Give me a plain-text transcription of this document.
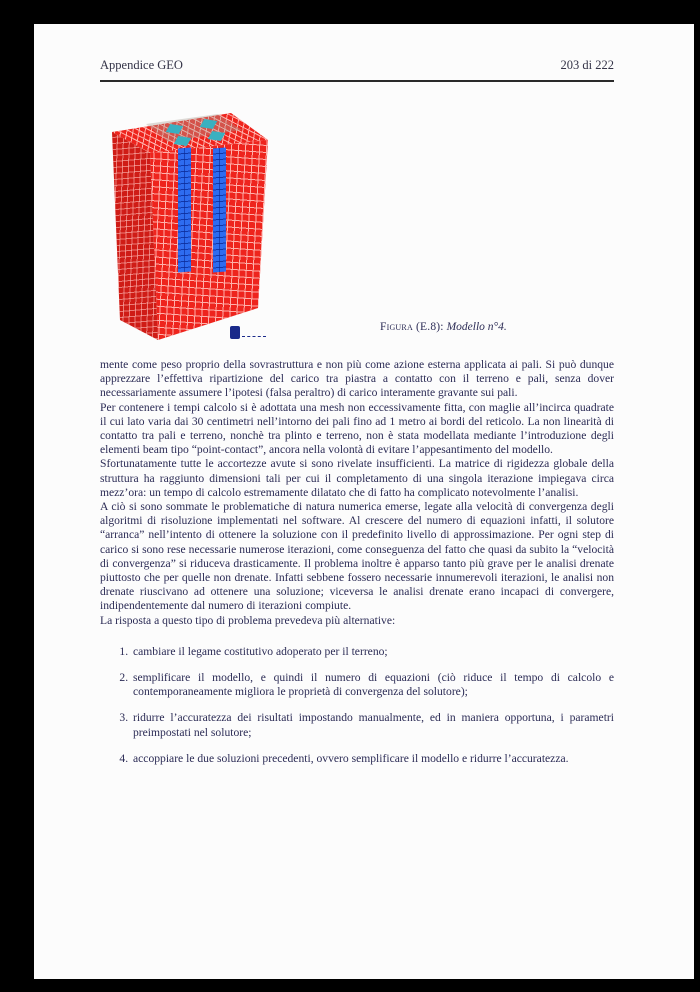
203 di 222
Appendice GEO
Figura (E.8): Modello n°4.

mente come peso proprio della sovrastruttura e non più come azione esterna applicata ai pali. Si può dunque apprezzare l’effettiva ripartizione del carico tra piastra a contatto con il terreno e pali, senza dover necessariamente assumere l’ipotesi (falsa peraltro) di carico interamente gravante sui pali.

Per contenere i tempi calcolo si è adottata una mesh non eccessivamente fitta, con maglie all’incirca quadrate il cui lato varia dai 30 centimetri nell’intorno dei pali fino ad 1 metro ai bordi del reticolo. La non linearità di contatto tra pali e terreno, nonchè tra plinto e terreno, non è stata modellata mediante l’introduzione degli elementi beam tipo “point-contact”, ancora nella volontà di evitare l’appesantimento del modello.

Sfortunatamente tutte le accortezze avute si sono rivelate insufficienti. La matrice di rigidezza globale della struttura ha raggiunto dimensioni tali per cui il completamento di una singola iterazione impiegava circa mezz’ora: un tempo di calcolo estremamente dilatato che di fatto ha complicato notevolmente l’analisi.

A ciò si sono sommate le problematiche di natura numerica emerse, legate alla velocità di convergenza degli algoritmi di risoluzione implementati nel software. Al crescere del numero di equazioni infatti, il solutore “arranca” nell’intento di ottenere la soluzione con il predefinito livello di approssimazione. Per ogni step di carico si sono rese necessarie numerose iterazioni, come conseguenza del fatto che quasi da subito la “velocità di convergenza” si riduceva drasticamente. Il problema inoltre è apparso tanto più grave per le analisi drenate piuttosto che per quelle non drenate. Infatti sebbene fossero necessarie innumerevoli iterazioni, le analisi non drenate riuscivano ad ottenere una soluzione; viceversa le analisi drenate erano incapaci di convergere, indipendentemente dal numero di iterazioni compiute.

La risposta a questo tipo di problema prevedeva più alternative:

1. cambiare il legame costitutivo adoperato per il terreno;
2. semplificare il modello, e quindi il numero di equazioni (ciò riduce il tempo di calcolo e contemporaneamente migliora le proprietà di convergenza del solutore);
3. ridurre l’accuratezza dei risultati impostando manualmente, ed in maniera opportuna, i parametri preimpostati nel solutore;
4. accoppiare le due soluzioni precedenti, ovvero semplificare il modello e ridurre l’accuratezza.
